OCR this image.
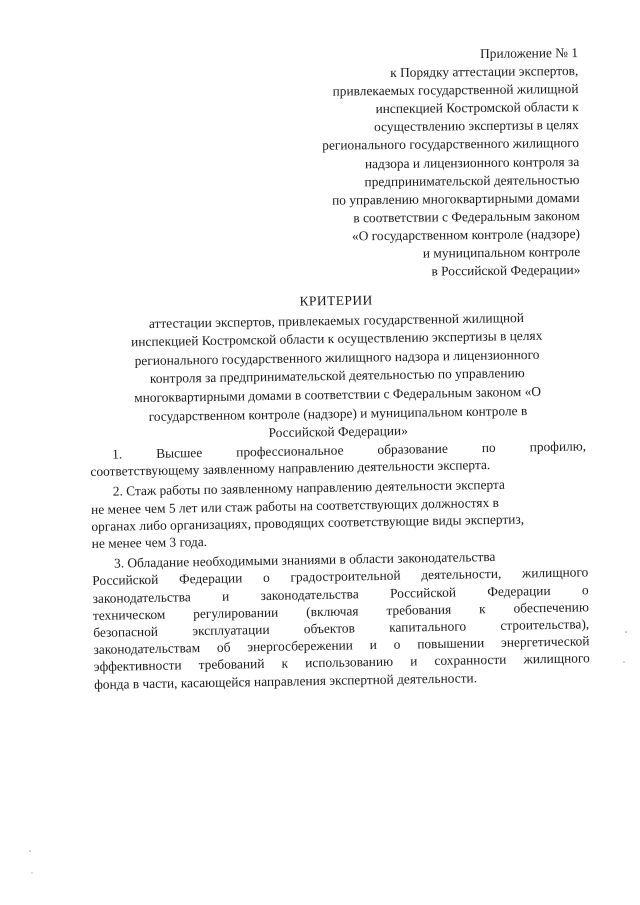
Приложение № 1
к Порядку аттестации экспертов,
привлекаемых государственной жилищной
инспекцией Костромской области к
осуществлению экспертизы в целях
регионального государственного жилищного
надзора и лицензионного контроля за
предпринимательской деятельностью
по управлению многоквартирными домами
в соответствии с Федеральным законом
«О государственном контроле (надзоре)
и муниципальном контроле
в Российской Федерации»
КРИТЕРИИ
аттестации экспертов, привлекаемых государственной жилищной
инспекцией Костромской области к осуществлению экспертизы в целях
регионального государственного жилищного надзора и лицензионного
контроля за предпринимательской деятельностью по управлению
многоквартирными домами в соответствии с Федеральным законом «О
государственном контроле (надзоре) и муниципальном контроле в
Российской Федерации»
1. Высшее профессиональное образование по профилю,
соответствующему заявленному направлению деятельности эксперта.
2. Стаж работы по заявленному направлению деятельности эксперта
не менее чем 5 лет или стаж работы на соответствующих должностях в
органах либо организациях, проводящих соответствующие виды экспертиз,
не менее чем 3 года.
3. Обладание необходимыми знаниями в области законодательства
Российской Федерации о градостроительной деятельности, жилищного
законодательства и законодательства Российской Федерации о
техническом регулировании (включая требования к обеспечению
безопасной эксплуатации объектов капитального строительства),
законодательствам об энергосбережении и о повышении энергетической
эффективности требований к использованию и сохранности жилищного
фонда в части, касающейся направления экспертной деятельности.
